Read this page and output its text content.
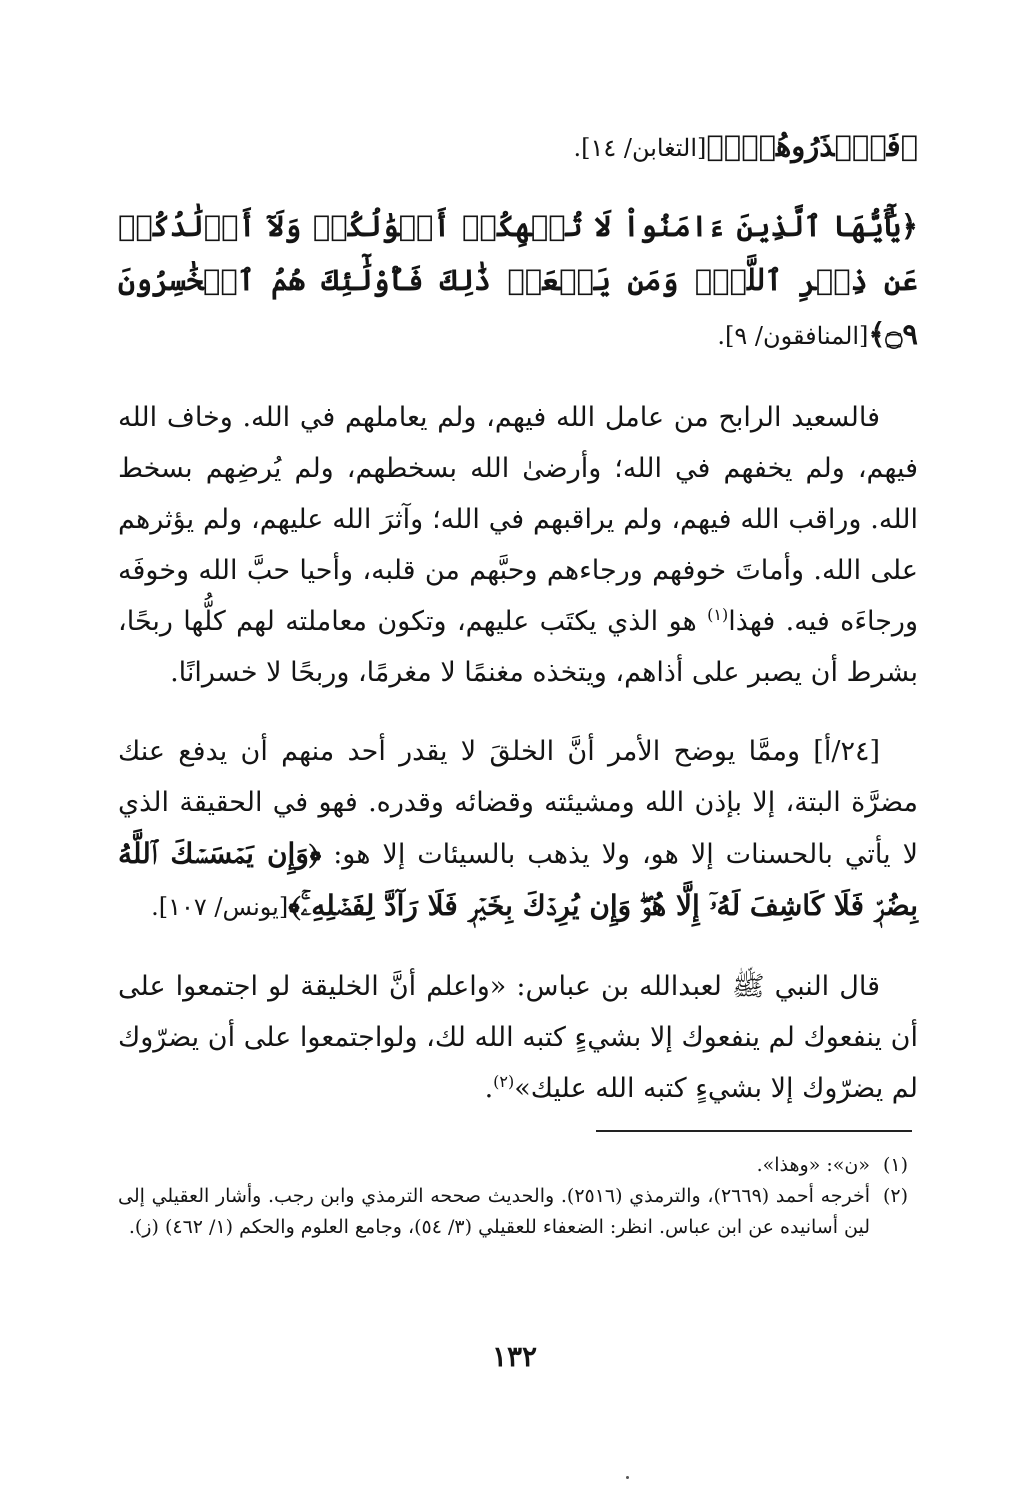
﴿فَٱحۡذَرُوهُمۡۚ﴾[التغابن/ ١٤].

﴿يَٰٓأَيُّهَا ٱلَّذِينَ ءَامَنُواْ لَا تُلۡهِكُمۡ أَمۡوَٰلُكُمۡ وَلَآ أَوۡلَٰدُكُمۡ عَن ذِكۡرِ ٱللَّهِۚ وَمَن يَفۡعَلۡ ذَٰلِكَ فَأُوْلَٰٓئِكَ هُمُ ٱلۡخَٰسِرُونَ ۝٩﴾[المنافقون/ ٩].

فالسعيد الرابح من عامل الله فيهم، ولم يعاملهم في الله. وخاف الله فيهم، ولم يخفهم في الله؛ وأرضىٰ الله بسخطهم، ولم يُرضِهم بسخط الله. وراقب الله فيهم، ولم يراقبهم في الله؛ وآثرَ الله عليهم، ولم يؤثرهم على الله. وأماتَ خوفهم ورجاءهم وحبَّهم من قلبه، وأحيا حبَّ الله وخوفَه ورجاءَه فيه. فهذا$^{(١)}$ هو الذي يكتَب عليهم، وتكون معاملته لهم كلُّها ربحًا، بشرط أن يصبر على أذاهم، ويتخذه مغنمًا لا مغرمًا، وربحًا لا خسرانًا.

[٢٤/أ] وممَّا يوضح الأمر أنَّ الخلقَ لا يقدر أحد منهم أن يدفع عنك مضرَّة البتة، إلا بإذن الله ومشيئته وقضائه وقدره. فهو في الحقيقة الذي لا يأتي بالحسنات إلا هو، ولا يذهب بالسيئات إلا هو: ﴿وَإِن يَمۡسَسۡكَ ٱللَّهُ بِضُرّٖ فَلَا كَاشِفَ لَهُۥٓ إِلَّا هُوَۖ وَإِن يُرِدۡكَ بِخَيۡرٖ فَلَا رَآدَّ لِفَضۡلِهِۦۚ﴾[يونس/ ١٠٧].

قال النبي ﷺ لعبدالله بن عباس: «واعلم أنَّ الخليقة لو اجتمعوا على أن ينفعوك لم ينفعوك إلا بشيءٍ كتبه الله لك، ولواجتمعوا على أن يضرّوك لم يضرّوك إلا بشيءٍ كتبه الله عليك»$^{(٢)}$.

(١)
«ن»: «وهذا».
(٢)
أخرجه أحمد (٢٦٦٩)، والترمذي (٢٥١٦). والحديث صححه الترمذي وابن رجب. وأشار العقيلي إلى لين أسانيده عن ابن عباس. انظر: الضعفاء للعقيلي (٣/ ٥٤)، وجامع العلوم والحكم (١/ ٤٦٢) (ز).
١٣٢
